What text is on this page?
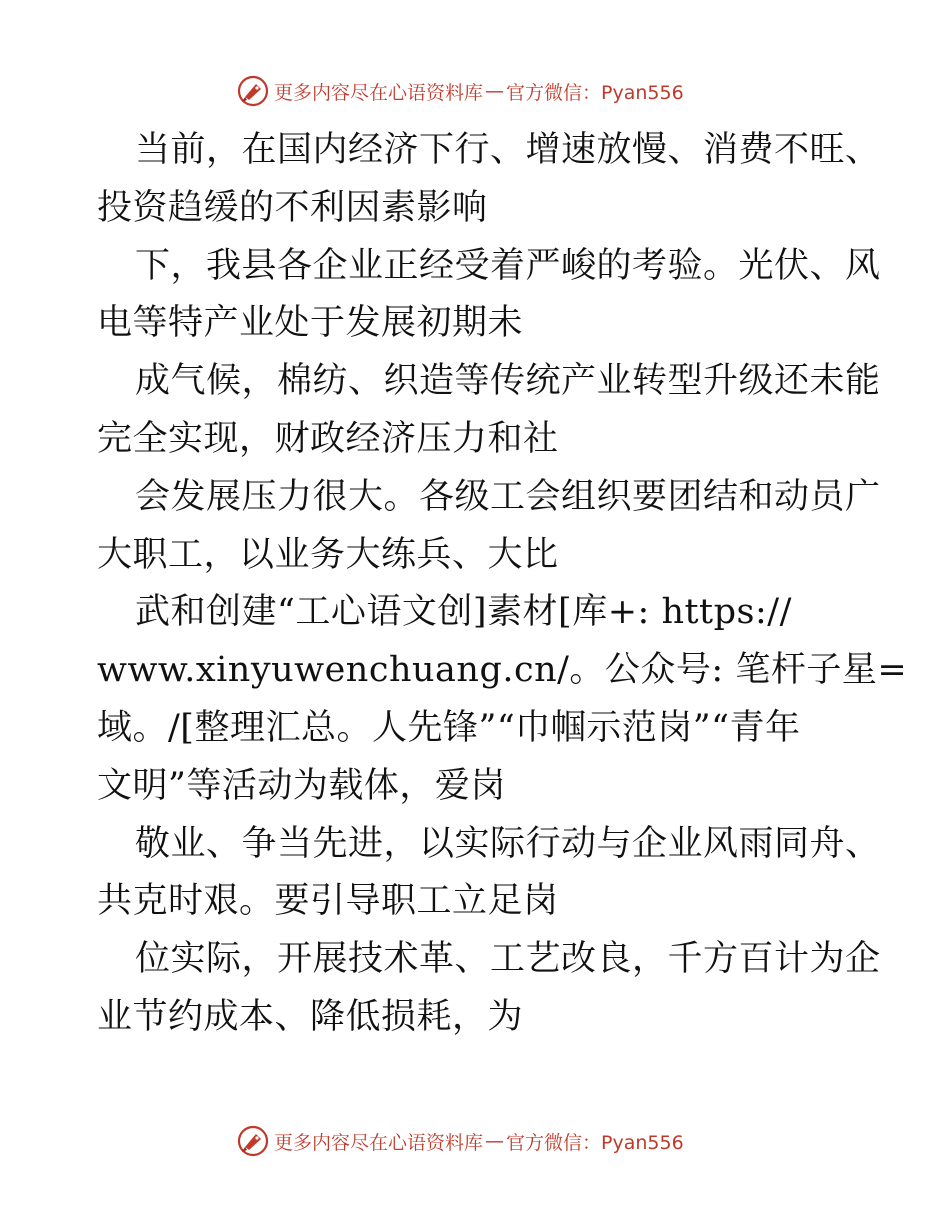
更多内容尽在心语资料库 — 官方微信：Pyan556
当前，在国内经济下行、增速放慢、消费不旺、
投资趋缓的不利因素影响
下，我县各企业正经受着严峻的考验。光伏、风
电等特产业处于发展初期未
成气候，棉纺、织造等传统产业转型升级还未能
完全实现，财政经济压力和社
会发展压力很大。各级工会组织要团结和动员广
大职工，以业务大练兵、大比
武和创建“工心语文创]素材[库+: https://
www.xinyuwenchuang.cn/。公众号: 笔杆子星=
域。/[整理汇总。人先锋”“巾帼示范岗”“青年
文明”等活动为载体，爱岗
敬业、争当先进，以实际行动与企业风雨同舟、
共克时艰。要引导职工立足岗
位实际，开展技术革、工艺改良，千方百计为企
业节约成本、降低损耗，为
更多内容尽在心语资料库 — 官方微信：Pyan556
